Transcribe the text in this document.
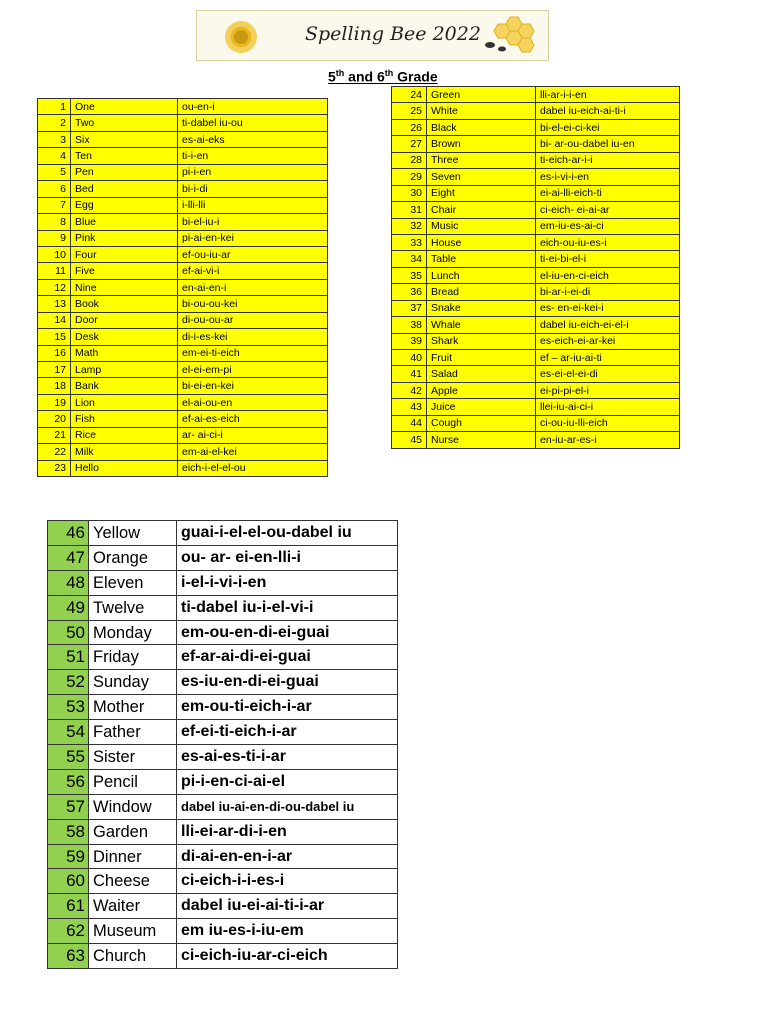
Spelling Bee 2022
5th and 6th Grade
1	One	ou-en-i
2	Two	ti-dabel iu-ou
3	Six	es-ai-eks
4	Ten	ti-i-en
5	Pen	pi-i-en
6	Bed	bi-i-di
7	Egg	i-lli-lli
8	Blue	bi-el-iu-i
9	Pink	pi-ai-en-kei
10	Four	ef-ou-iu-ar
11	Five	ef-ai-vi-i
12	Nine	en-ai-en-i
13	Book	bi-ou-ou-kei
14	Door	di-ou-ou-ar
15	Desk	di-i-es-kei
16	Math	em-ei-ti-eich
17	Lamp	el-ei-em-pi
18	Bank	bi-ei-en-kei
19	Lion	el-ai-ou-en
20	Fish	ef-ai-es-eich
21	Rice	ar- ai-ci-i
22	Milk	em-ai-el-kei
23	Hello	eich-i-el-el-ou
24	Green	lli-ar-i-i-en
25	White	dabel iu-eich-ai-ti-i
26	Black	bi-el-ei-ci-kei
27	Brown	bi- ar-ou-dabel iu-en
28	Three	ti-eich-ar-i-i
29	Seven	es-i-vi-i-en
30	Eight	ei-ai-lli-eich-ti
31	Chair	ci-eich- ei-ai-ar
32	Music	em-iu-es-ai-ci
33	House	eich-ou-iu-es-i
34	Table	ti-ei-bi-el-i
35	Lunch	el-iu-en-ci-eich
36	Bread	bi-ar-i-ei-di
37	Snake	es- en-ei-kei-i
38	Whale	dabel iu-eich-ei-el-i
39	Shark	es-eich-ei-ar-kei
40	Fruit	ef – ar-iu-ai-ti
41	Salad	es-ei-el-ei-di
42	Apple	ei-pi-pi-el-i
43	Juice	llei-iu-ai-ci-i
44	Cough	ci-ou-iu-lli-eich
45	Nurse	en-iu-ar-es-i
46	Yellow	guai-i-el-el-ou-dabel iu
47	Orange	ou- ar- ei-en-lli-i
48	Eleven	i-el-i-vi-i-en
49	Twelve	ti-dabel iu-i-el-vi-i
50	Monday	em-ou-en-di-ei-guai
51	Friday	ef-ar-ai-di-ei-guai
52	Sunday	es-iu-en-di-ei-guai
53	Mother	em-ou-ti-eich-i-ar
54	Father	ef-ei-ti-eich-i-ar
55	Sister	es-ai-es-ti-i-ar
56	Pencil	pi-i-en-ci-ai-el
57	Window	dabel iu-ai-en-di-ou-dabel iu
58	Garden	lli-ei-ar-di-i-en
59	Dinner	di-ai-en-en-i-ar
60	Cheese	ci-eich-i-i-es-i
61	Waiter	dabel iu-ei-ai-ti-i-ar
62	Museum	em iu-es-i-iu-em
63	Church	ci-eich-iu-ar-ci-eich
